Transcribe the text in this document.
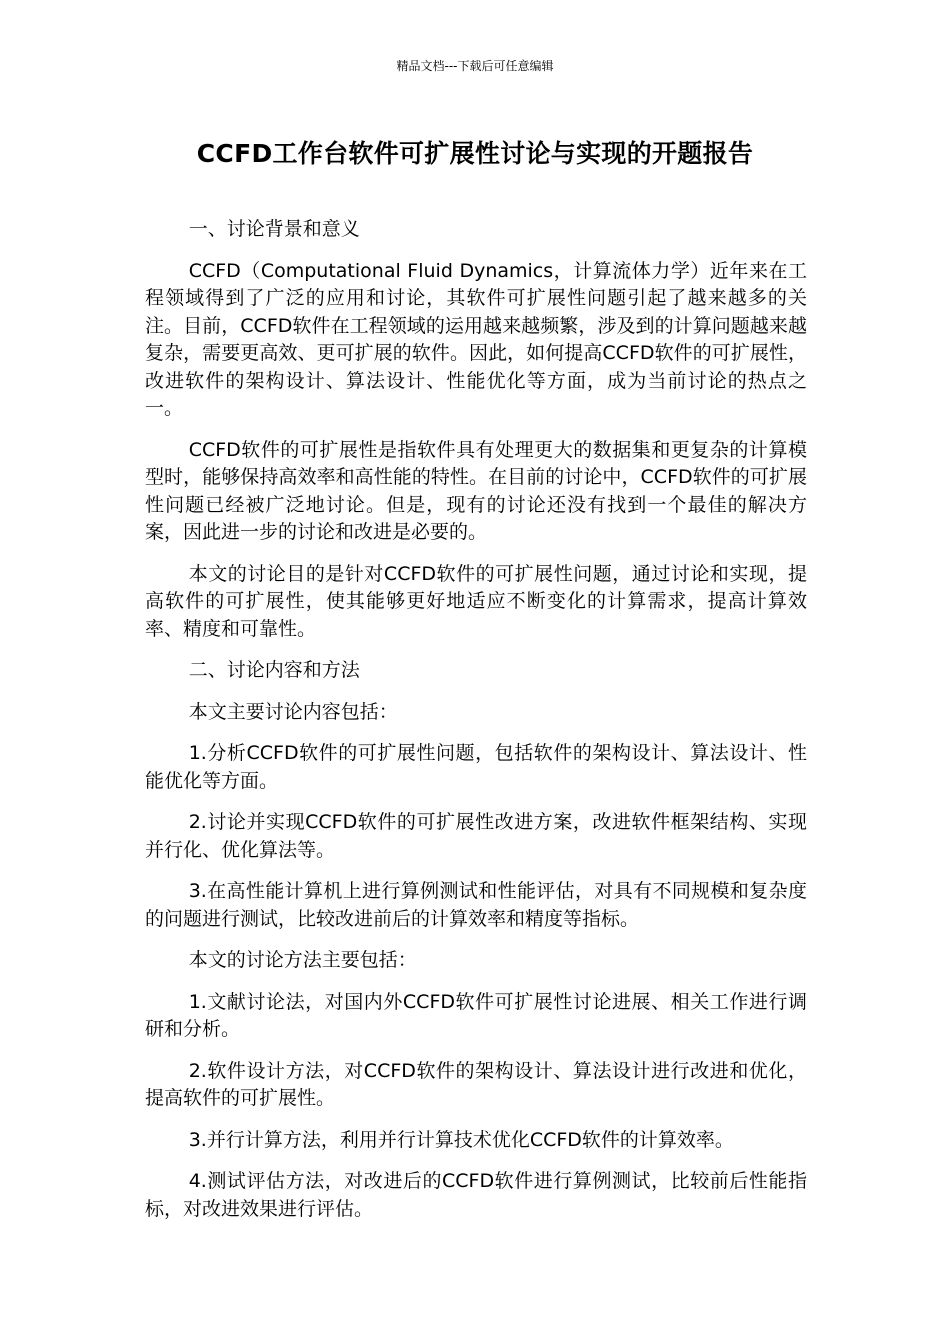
精品文档---下载后可任意编辑
CCFD工作台软件可扩展性讨论与实现的开题报告

一、讨论背景和意义

CCFD（Computational Fluid Dynamics，计算流体力学）近年来在工程领域得到了广泛的应用和讨论，其软件可扩展性问题引起了越来越多的关注。目前，CCFD软件在工程领域的运用越来越频繁，涉及到的计算问题越来越复杂，需要更高效、更可扩展的软件。因此，如何提高CCFD软件的可扩展性，改进软件的架构设计、算法设计、性能优化等方面，成为当前讨论的热点之一。

CCFD软件的可扩展性是指软件具有处理更大的数据集和更复杂的计算模型时，能够保持高效率和高性能的特性。在目前的讨论中，CCFD软件的可扩展性问题已经被广泛地讨论。但是，现有的讨论还没有找到一个最佳的解决方案，因此进一步的讨论和改进是必要的。

本文的讨论目的是针对CCFD软件的可扩展性问题，通过讨论和实现，提高软件的可扩展性，使其能够更好地适应不断变化的计算需求，提高计算效率、精度和可靠性。

二、讨论内容和方法

本文主要讨论内容包括：

1.分析CCFD软件的可扩展性问题，包括软件的架构设计、算法设计、性能优化等方面。

2.讨论并实现CCFD软件的可扩展性改进方案，改进软件框架结构、实现并行化、优化算法等。

3.在高性能计算机上进行算例测试和性能评估，对具有不同规模和复杂度的问题进行测试，比较改进前后的计算效率和精度等指标。

本文的讨论方法主要包括：

1.文献讨论法，对国内外CCFD软件可扩展性讨论进展、相关工作进行调研和分析。

2.软件设计方法，对CCFD软件的架构设计、算法设计进行改进和优化，提高软件的可扩展性。

3.并行计算方法，利用并行计算技术优化CCFD软件的计算效率。

4.测试评估方法，对改进后的CCFD软件进行算例测试，比较前后性能指标，对改进效果进行评估。
